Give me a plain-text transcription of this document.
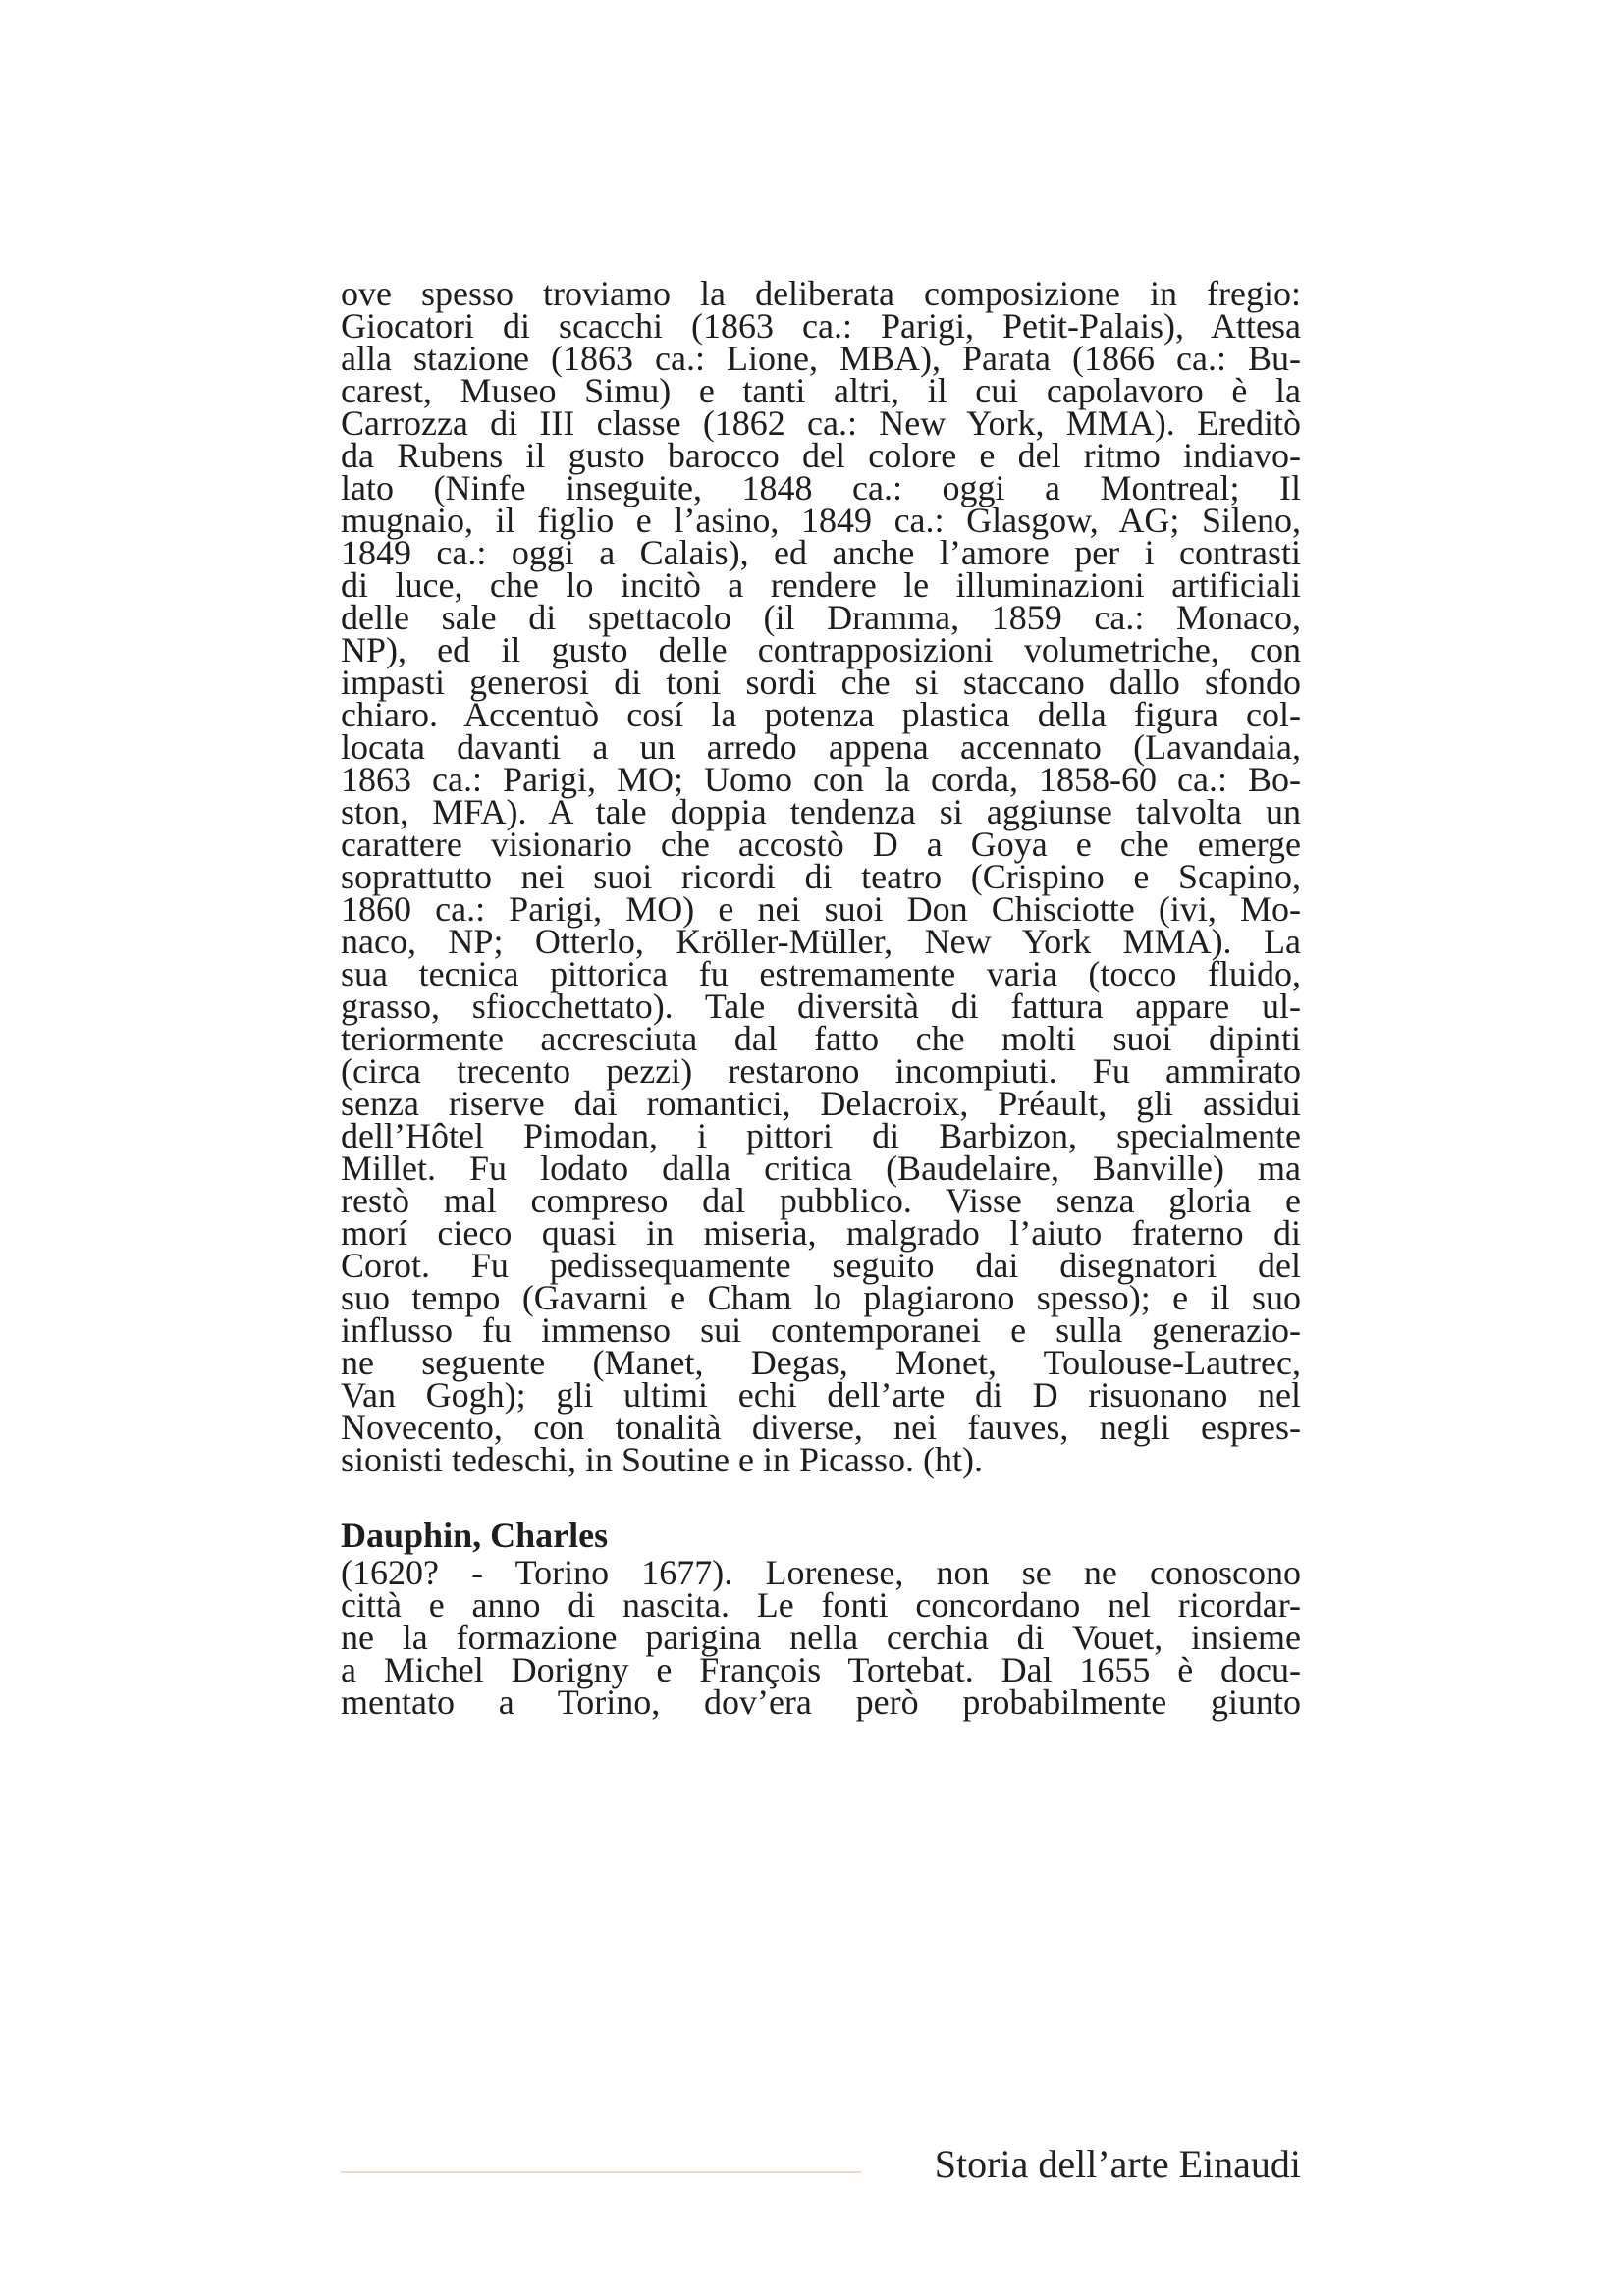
ove spesso troviamo la deliberata composizione in fregio:
Giocatori di scacchi (1863 ca.: Parigi, Petit-Palais), Attesa
alla stazione (1863 ca.: Lione, MBA), Parata (1866 ca.: Bu-
carest, Museo Simu) e tanti altri, il cui capolavoro è la
Carrozza di III classe (1862 ca.: New York, MMA). Ereditò
da Rubens il gusto barocco del colore e del ritmo indiavo-
lato (Ninfe inseguite, 1848 ca.: oggi a Montreal; Il
mugnaio, il figlio e l’asino, 1849 ca.: Glasgow, AG; Sileno,
1849 ca.: oggi a Calais), ed anche l’amore per i contrasti
di luce, che lo incitò a rendere le illuminazioni artificiali
delle sale di spettacolo (il Dramma, 1859 ca.: Monaco,
NP), ed il gusto delle contrapposizioni volumetriche, con
impasti generosi di toni sordi che si staccano dallo sfondo
chiaro. Accentuò cosí la potenza plastica della figura col-
locata davanti a un arredo appena accennato (Lavandaia,
1863 ca.: Parigi, MO; Uomo con la corda, 1858-60 ca.: Bo-
ston, MFA). A tale doppia tendenza si aggiunse talvolta un
carattere visionario che accostò D a Goya e che emerge
soprattutto nei suoi ricordi di teatro (Crispino e Scapino,
1860 ca.: Parigi, MO) e nei suoi Don Chisciotte (ivi, Mo-
naco, NP; Otterlo, Kröller-Müller, New York MMA). La
sua tecnica pittorica fu estremamente varia (tocco fluido,
grasso, sfiocchettato). Tale diversità di fattura appare ul-
teriormente accresciuta dal fatto che molti suoi dipinti
(circa trecento pezzi) restarono incompiuti. Fu ammirato
senza riserve dai romantici, Delacroix, Préault, gli assidui
dell’Hôtel Pimodan, i pittori di Barbizon, specialmente
Millet. Fu lodato dalla critica (Baudelaire, Banville) ma
restò mal compreso dal pubblico. Visse senza gloria e
morí cieco quasi in miseria, malgrado l’aiuto fraterno di
Corot. Fu pedissequamente seguito dai disegnatori del
suo tempo (Gavarni e Cham lo plagiarono spesso); e il suo
influsso fu immenso sui contemporanei e sulla generazio-
ne seguente (Manet, Degas, Monet, Toulouse-Lautrec,
Van Gogh); gli ultimi echi dell’arte di D risuonano nel
Novecento, con tonalità diverse, nei fauves, negli espres-
sionisti tedeschi, in Soutine e in Picasso. (ht).
Dauphin, Charles
(1620? - Torino 1677). Lorenese, non se ne conoscono
città e anno di nascita. Le fonti concordano nel ricordar-
ne la formazione parigina nella cerchia di Vouet, insieme
a Michel Dorigny e François Tortebat. Dal 1655 è docu-
mentato a Torino, dov’era però probabilmente giunto
Storia dell’arte Einaudi
